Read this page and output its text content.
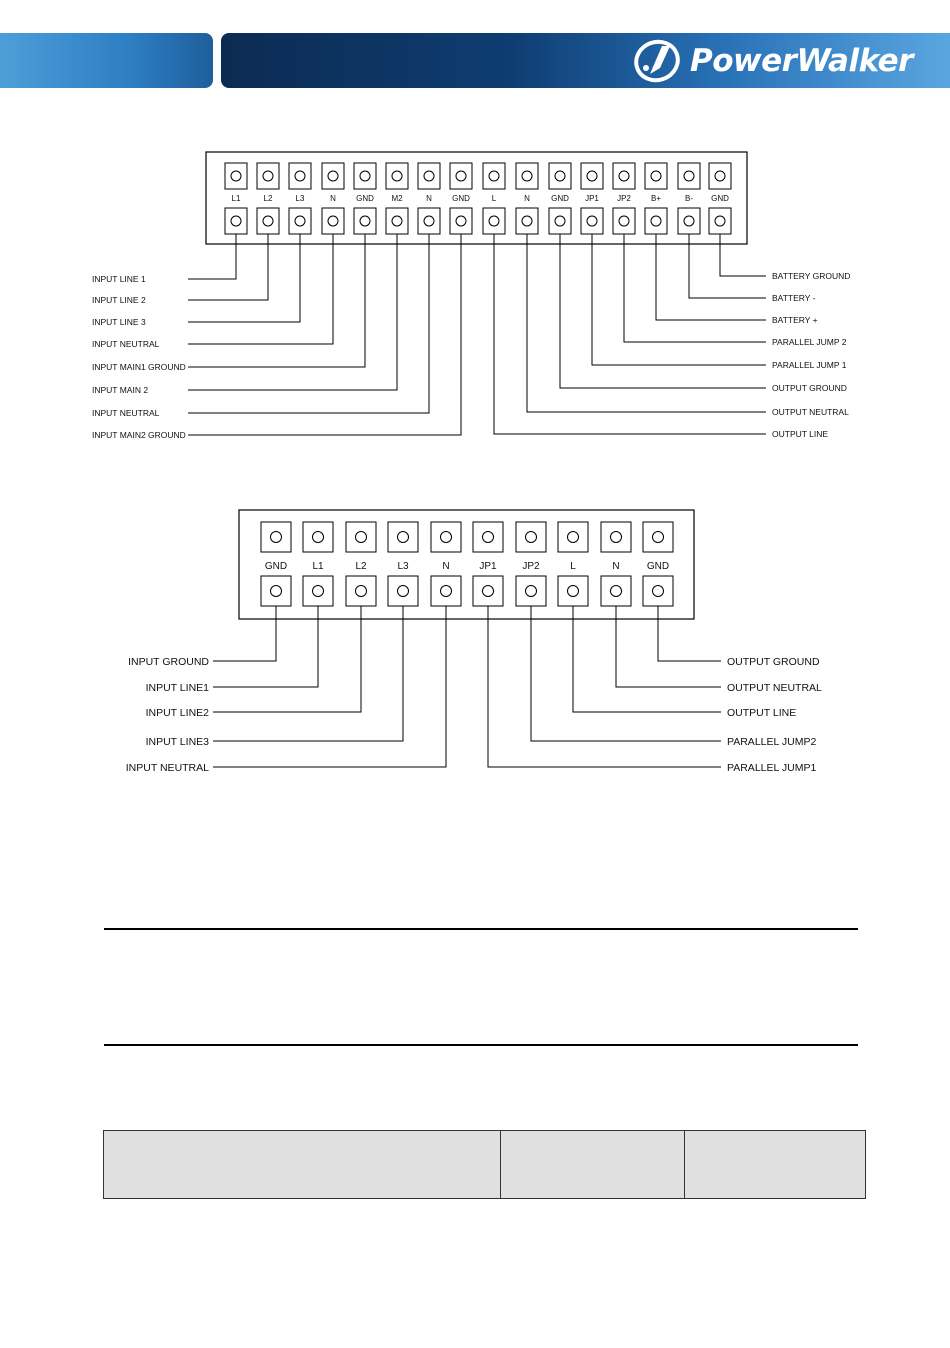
PowerWalker
L1	L2	L3	N	GND M2	N	GND	L	N	GND JP1 JP2	B+	B- GND
INPUT LINE 1
INPUT LINE 2
INPUT LINE 3
INPUT NEUTRAL
INPUT MAIN1 GROUND
INPUT MAIN 2
INPUT NEUTRAL
INPUT MAIN2 GROUND
BATTERY GROUND
BATTERY -
BATTERY +
PARALLEL JUMP 2
PARALLEL JUMP 1
OUTPUT GROUND
OUTPUT NEUTRAL
OUTPUT LINE
GND	L1	L2	L3	N	JP1	JP2	L	N	GND
INPUT GROUND
INPUT LINE1
INPUT LINE2
INPUT LINE3
INPUT NEUTRAL
OUTPUT GROUND
OUTPUT NEUTRAL
OUTPUT LINE
PARALLEL JUMP2
PARALLEL JUMP1
